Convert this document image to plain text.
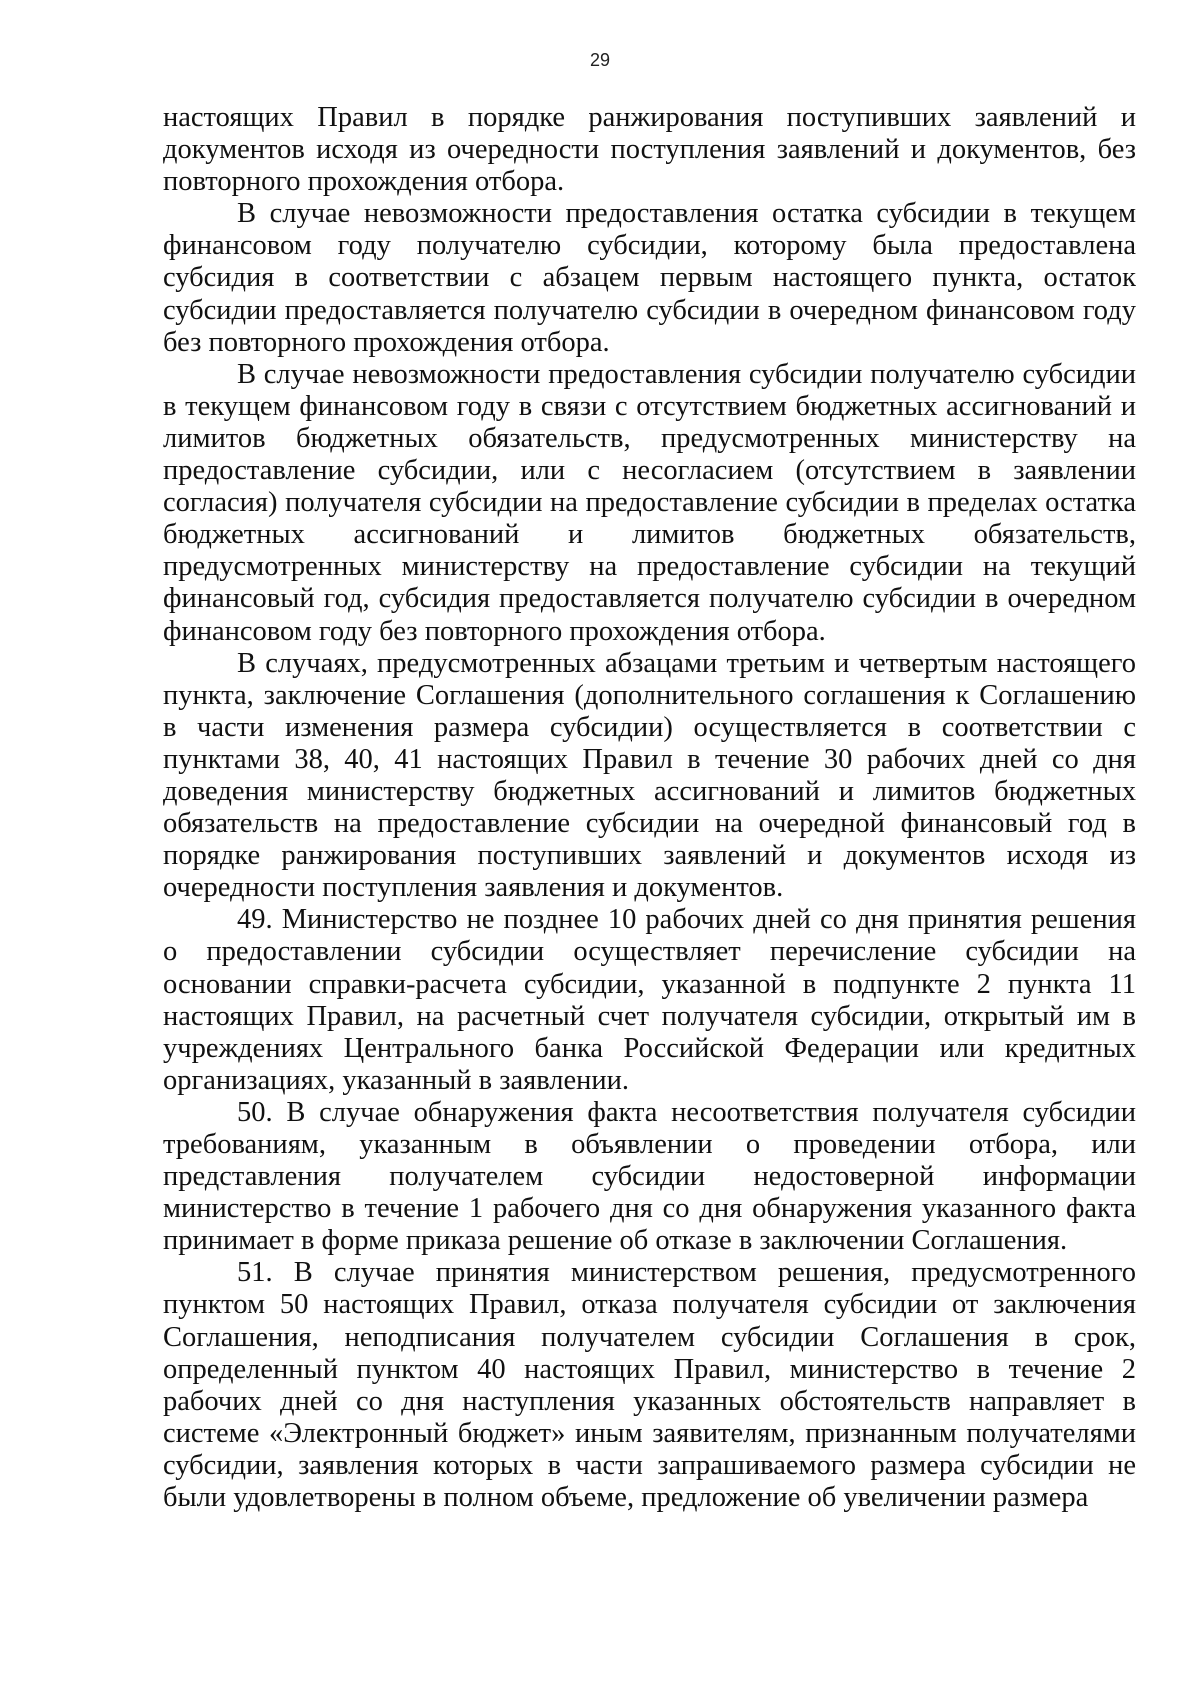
29

настоящих Правил в порядке ранжирования поступивших заявлений и документов исходя из очередности поступления заявлений и документов, без повторного прохождения отбора.

В случае невозможности предоставления остатка субсидии в текущем финансовом году получателю субсидии, которому была предоставлена субсидия в соответствии с абзацем первым настоящего пункта, остаток субсидии предоставляется получателю субсидии в очередном финансовом году без повторного прохождения отбора.

В случае невозможности предоставления субсидии получателю субсидии в текущем финансовом году в связи с отсутствием бюджетных ассигнований и лимитов бюджетных обязательств, предусмотренных министерству на предоставление субсидии, или с несогласием (отсутствием в заявлении согласия) получателя субсидии на предоставление субсидии в пределах остатка бюджетных ассигнований и лимитов бюджетных обязательств, предусмотренных министерству на предоставление субсидии на текущий финансовый год, субсидия предоставляется получателю субсидии в очередном финансовом году без повторного прохождения отбора.

В случаях, предусмотренных абзацами третьим и четвертым настоящего пункта, заключение Соглашения (дополнительного соглашения к Соглашению в части изменения размера субсидии) осуществляется в соответствии с пунктами 38, 40, 41 настоящих Правил в течение 30 рабочих дней со дня доведения министерству бюджетных ассигнований и лимитов бюджетных обязательств на предоставление субсидии на очередной финансовый год в порядке ранжирования поступивших заявлений и документов исходя из очередности поступления заявления и документов.

49. Министерство не позднее 10 рабочих дней со дня принятия решения о предоставлении субсидии осуществляет перечисление субсидии на основании справки-расчета субсидии, указанной в подпункте 2 пункта 11 настоящих Правил, на расчетный счет получателя субсидии, открытый им в учреждениях Центрального банка Российской Федерации или кредитных организациях, указанный в заявлении.

50. В случае обнаружения факта несоответствия получателя субсидии требованиям, указанным в объявлении о проведении отбора, или представления получателем субсидии недостоверной информации министерство в течение 1 рабочего дня со дня обнаружения указанного факта принимает в форме приказа решение об отказе в заключении Соглашения.

51. В случае принятия министерством решения, предусмотренного пунктом 50 настоящих Правил, отказа получателя субсидии от заключения Соглашения, неподписания получателем субсидии Соглашения в срок, определенный пунктом 40 настоящих Правил, министерство в течение 2 рабочих дней со дня наступления указанных обстоятельств направляет в системе «Электронный бюджет» иным заявителям, признанным получателями субсидии, заявления которых в части запрашиваемого размера субсидии не были удовлетворены в полном объеме, предложение об увеличении размера
